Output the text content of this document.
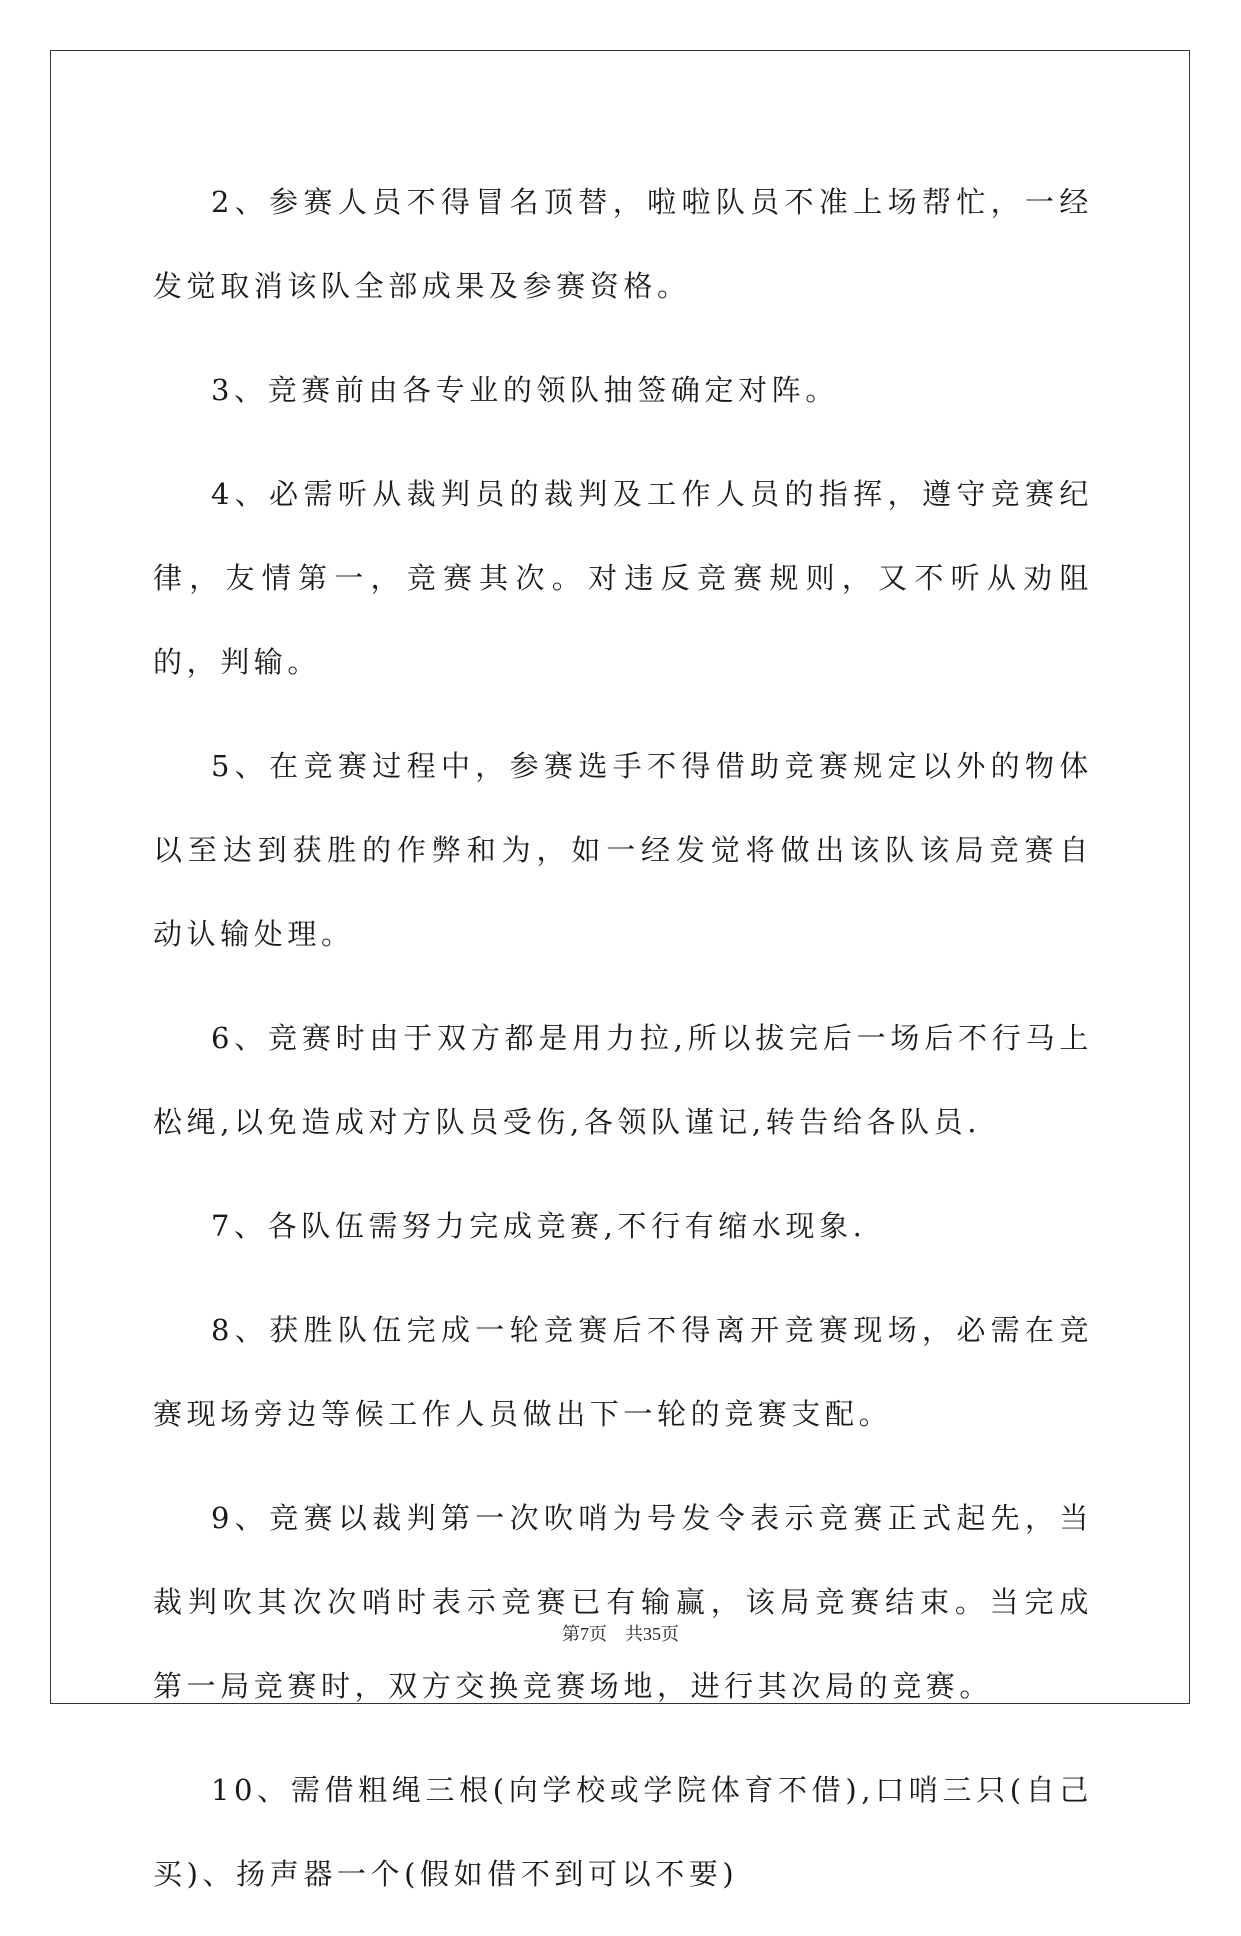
2、参赛人员不得冒名顶替，啦啦队员不准上场帮忙，一经发觉取消该队全部成果及参赛资格。

3、竞赛前由各专业的领队抽签确定对阵。

4、必需听从裁判员的裁判及工作人员的指挥，遵守竞赛纪律，友情第一，竞赛其次。对违反竞赛规则，又不听从劝阻的，判输。

5、在竞赛过程中，参赛选手不得借助竞赛规定以外的物体以至达到获胜的作弊和为，如一经发觉将做出该队该局竞赛自动认输处理。

6、竞赛时由于双方都是用力拉,所以拔完后一场后不行马上松绳,以免造成对方队员受伤,各领队谨记,转告给各队员.

7、各队伍需努力完成竞赛,不行有缩水现象.

8、获胜队伍完成一轮竞赛后不得离开竞赛现场，必需在竞赛现场旁边等候工作人员做出下一轮的竞赛支配。

9、竞赛以裁判第一次吹哨为号发令表示竞赛正式起先，当裁判吹其次次哨时表示竞赛已有输赢，该局竞赛结束。当完成第一局竞赛时，双方交换竞赛场地，进行其次局的竞赛。

10、需借粗绳三根(向学校或学院体育不借),口哨三只(自己买)、扬声器一个(假如借不到可以不要)

第7页 共35页
